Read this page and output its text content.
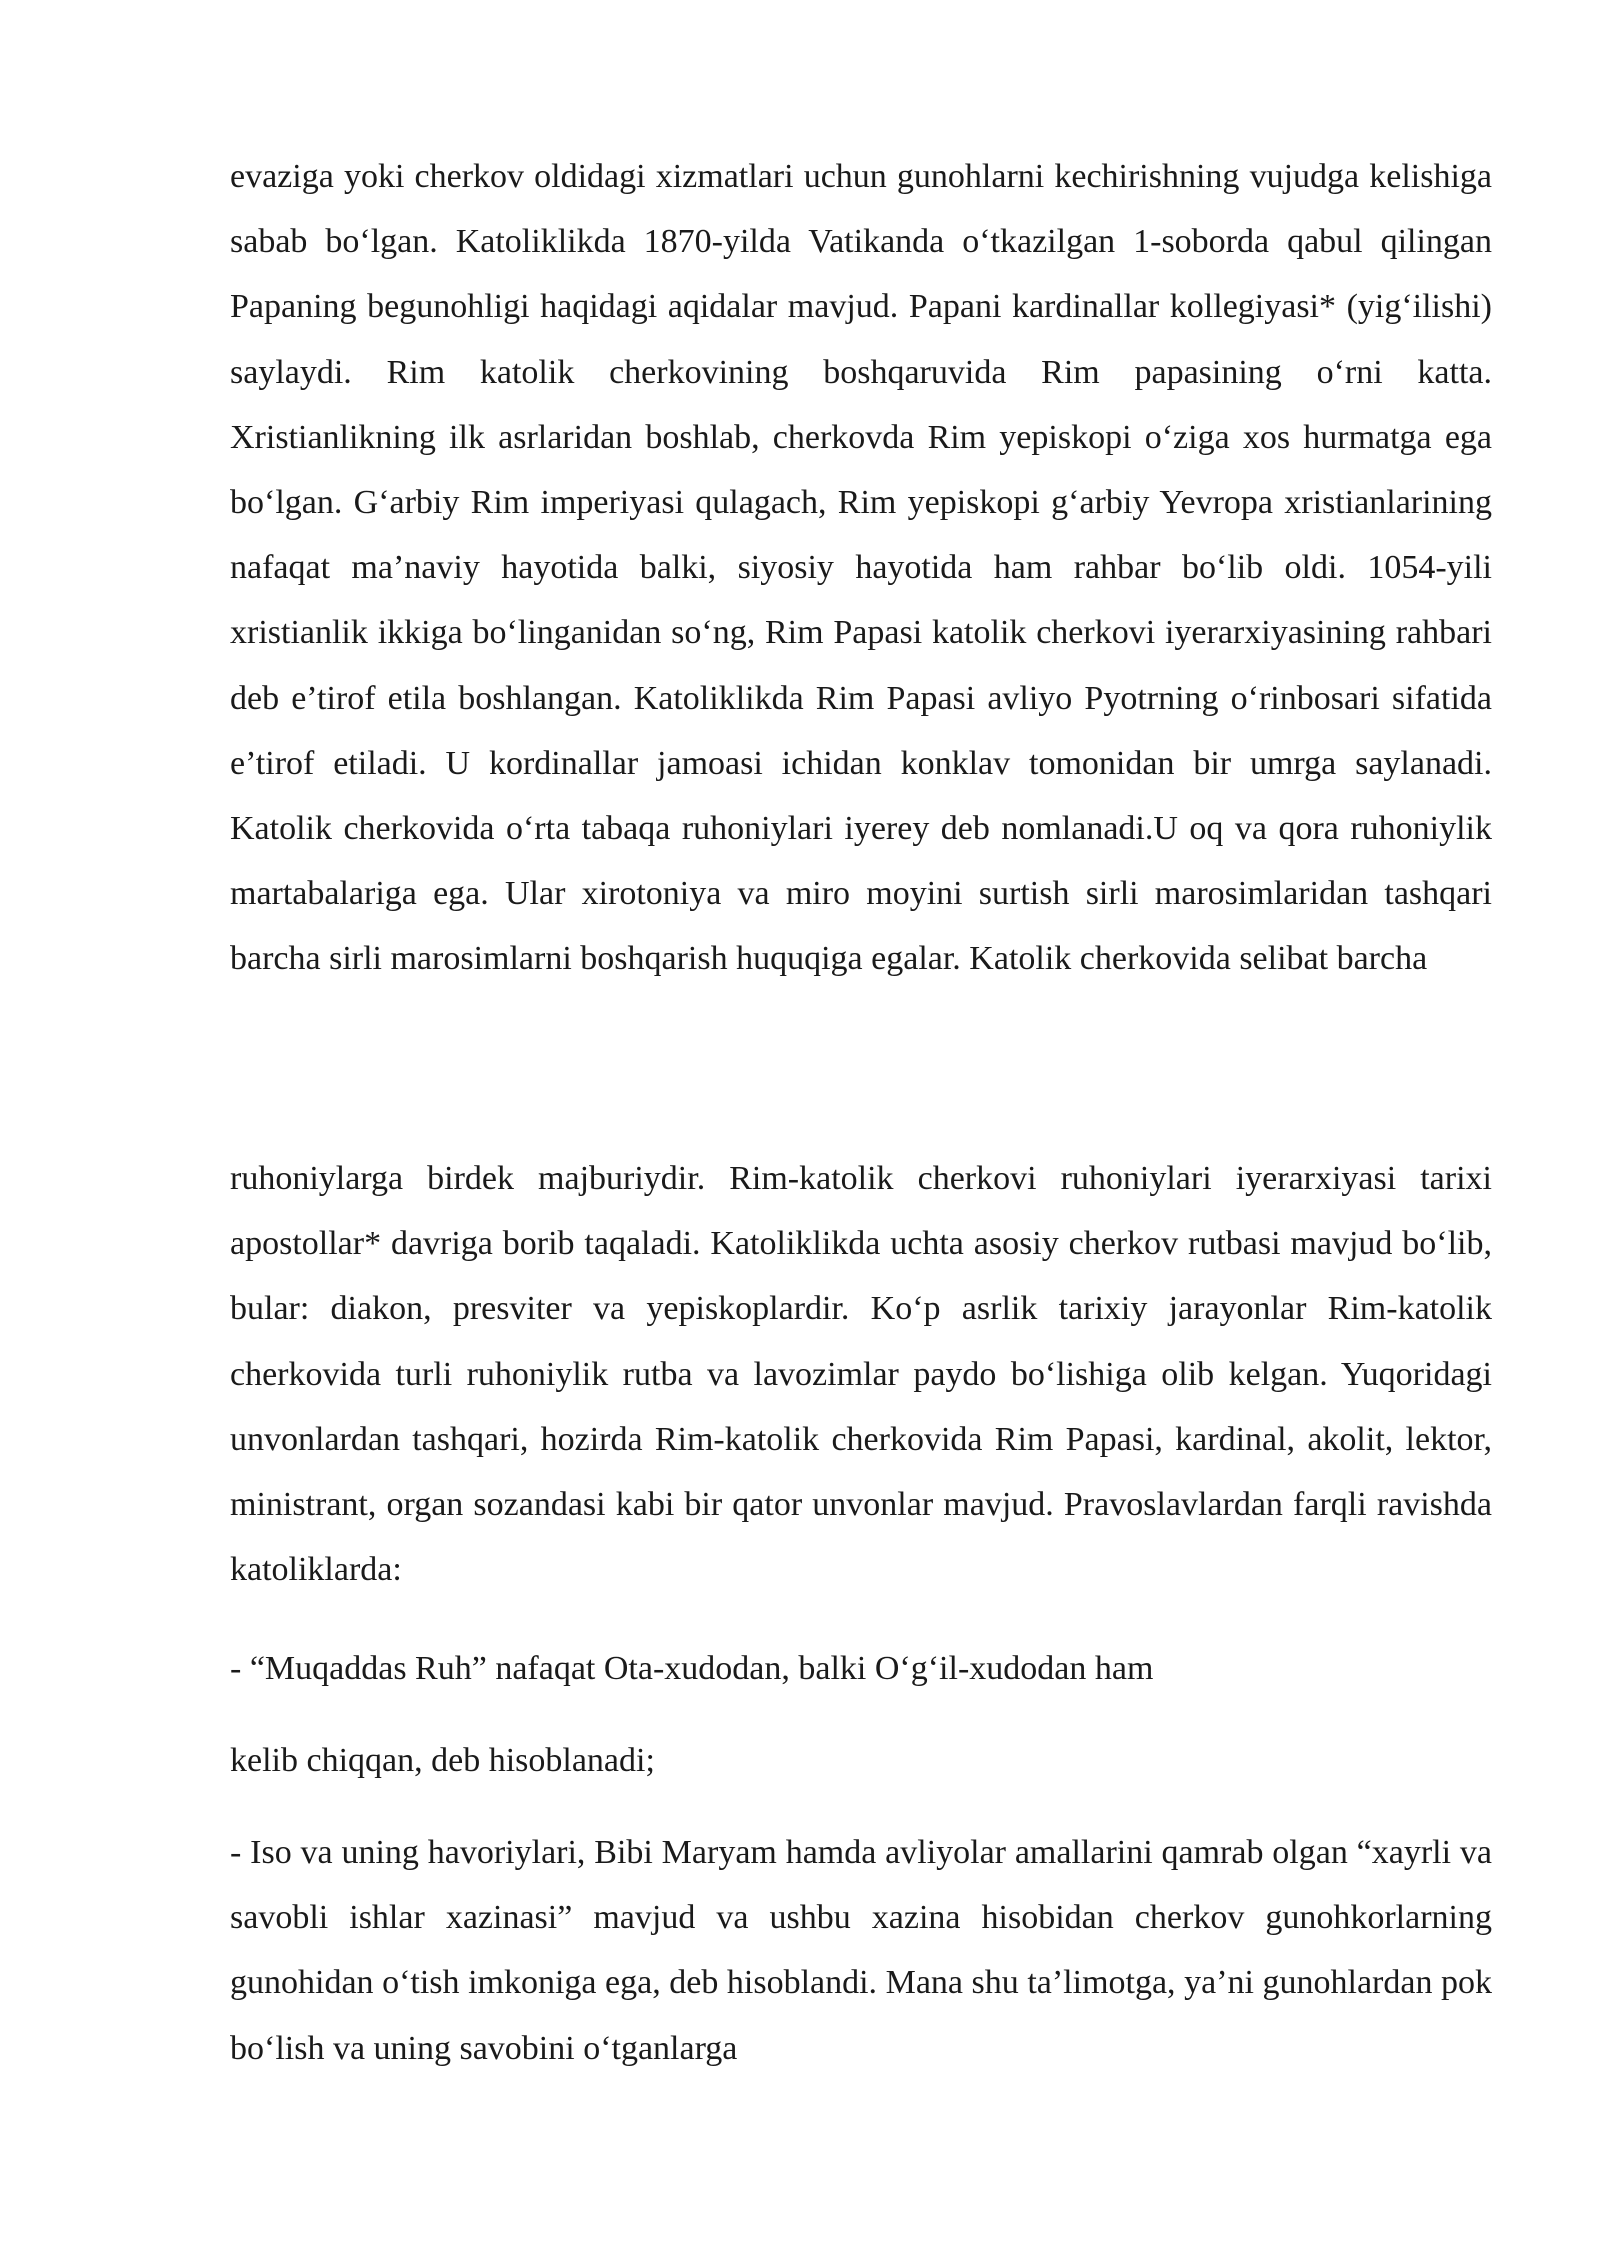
evaziga yoki cherkov oldidagi xizmatlari uchun gunohlarni kechirishning vujudga kelishiga sabab bo‘lgan. Katoliklikda 1870-yilda Vatikanda o‘tkazilgan 1-soborda qabul qilingan Papaning begunohligi haqidagi aqidalar mavjud. Papani kardinallar kollegiyasi* (yig‘ilishi) saylaydi. Rim katolik cherkovining boshqaruvida Rim papasining o‘rni katta. Xristianlikning ilk asrlaridan boshlab, cherkovda Rim yepiskopi o‘ziga xos hurmatga ega bo‘lgan. G‘arbiy Rim imperiyasi qulagach, Rim yepiskopi g‘arbiy Yevropa xristianlarining nafaqat ma’naviy hayotida balki, siyosiy hayotida ham rahbar bo‘lib oldi. 1054-yili xristianlik ikkiga bo‘linganidan so‘ng, Rim Papasi katolik cherkovi iyerarxiyasining rahbari deb e’tirof etila boshlangan. Katoliklikda Rim Papasi avliyo Pyotrning o‘rinbosari sifatida e’tirof etiladi. U kordinallar jamoasi ichidan konklav tomonidan bir umrga saylanadi. Katolik cherkovida o‘rta tabaqa ruhoniylari iyerey deb nomlanadi.U oq va qora ruhoniylik martabalariga ega. Ular xirotoniya va miro moyini surtish sirli marosimlaridan tashqari barcha sirli marosimlarni boshqarish huquqiga egalar. Katolik cherkovida selibat barcha

ruhoniylarga birdek majburiydir. Rim-katolik cherkovi ruhoniylari iyerarxiyasi tarixi apostollar* davriga borib taqaladi. Katoliklikda uchta asosiy cherkov rutbasi mavjud bo‘lib, bular: diakon, presviter va yepiskoplardir. Ko‘p asrlik tarixiy jarayonlar Rim-katolik cherkovida turli ruhoniylik rutba va lavozimlar paydo bo‘lishiga olib kelgan. Yuqoridagi unvonlardan tashqari, hozirda Rim-katolik cherkovida Rim Papasi, kardinal, akolit, lektor, ministrant, organ sozandasi kabi bir qator unvonlar mavjud. Pravoslavlardan farqli ravishda katoliklarda:

- “Muqaddas Ruh” nafaqat Ota-xudodan, balki O‘g‘il-xudodan ham

kelib chiqqan, deb hisoblanadi;

- Iso va uning havoriylari, Bibi Maryam hamda avliyolar amallarini qamrab olgan “xayrli va savobli ishlar xazinasi” mavjud va ushbu xazina hisobidan cherkov gunohkorlarning gunohidan o‘tish imkoniga ega, deb hisoblandi. Mana shu ta’limotga, ya’ni gunohlardan pok bo‘lish va uning savobini o‘tganlarga
